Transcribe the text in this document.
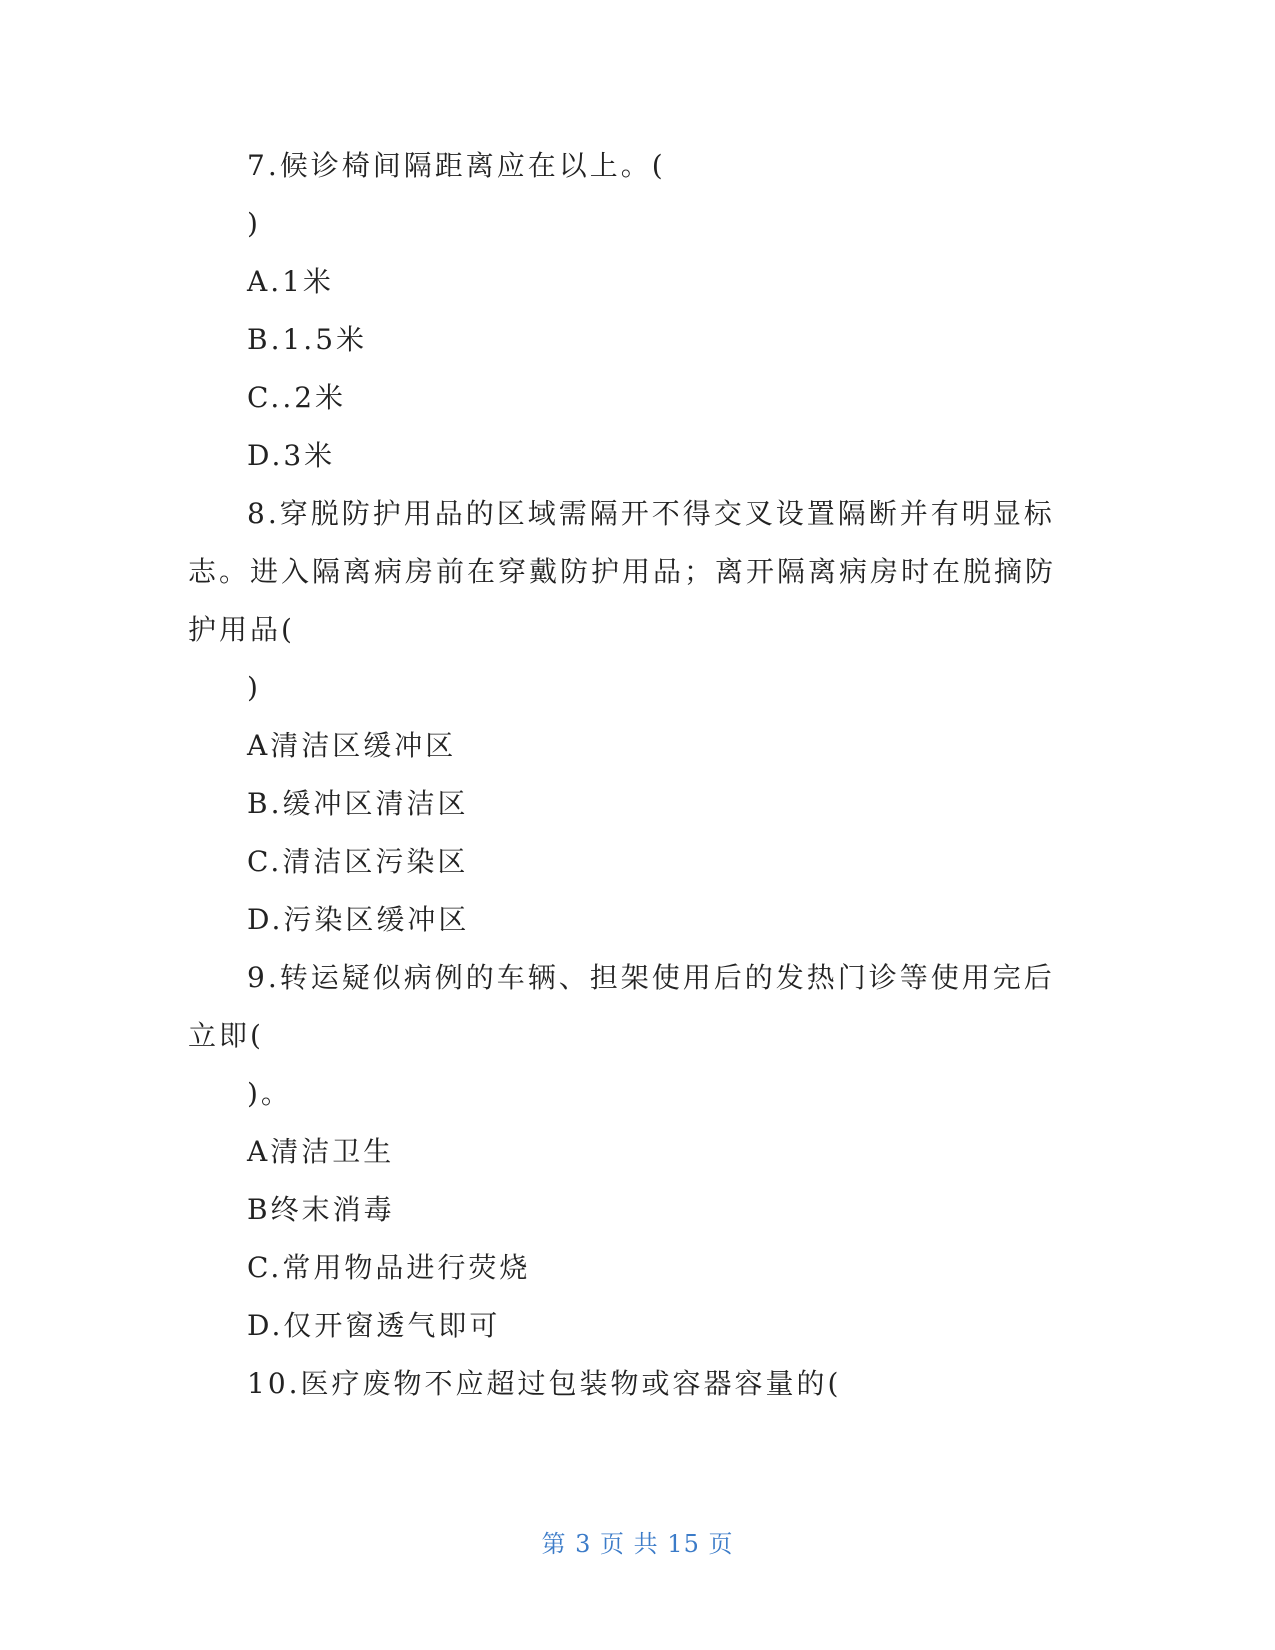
7.候诊椅间隔距离应在以上。(
)
A.1米
B.1.5米
C..2米
D.3米
8.穿脱防护用品的区域需隔开不得交叉设置隔断并有明显标
志。进入隔离病房前在穿戴防护用品；离开隔离病房时在脱摘防
护用品(
)
A清洁区缓冲区
B.缓冲区清洁区
C.清洁区污染区
D.污染区缓冲区
9.转运疑似病例的车辆、担架使用后的发热门诊等使用完后
立即(
)。
A清洁卫生
B终末消毒
C.常用物品进行荧烧
D.仅开窗透气即可
10.医疗废物不应超过包装物或容器容量的(
第 3 页 共 15 页
